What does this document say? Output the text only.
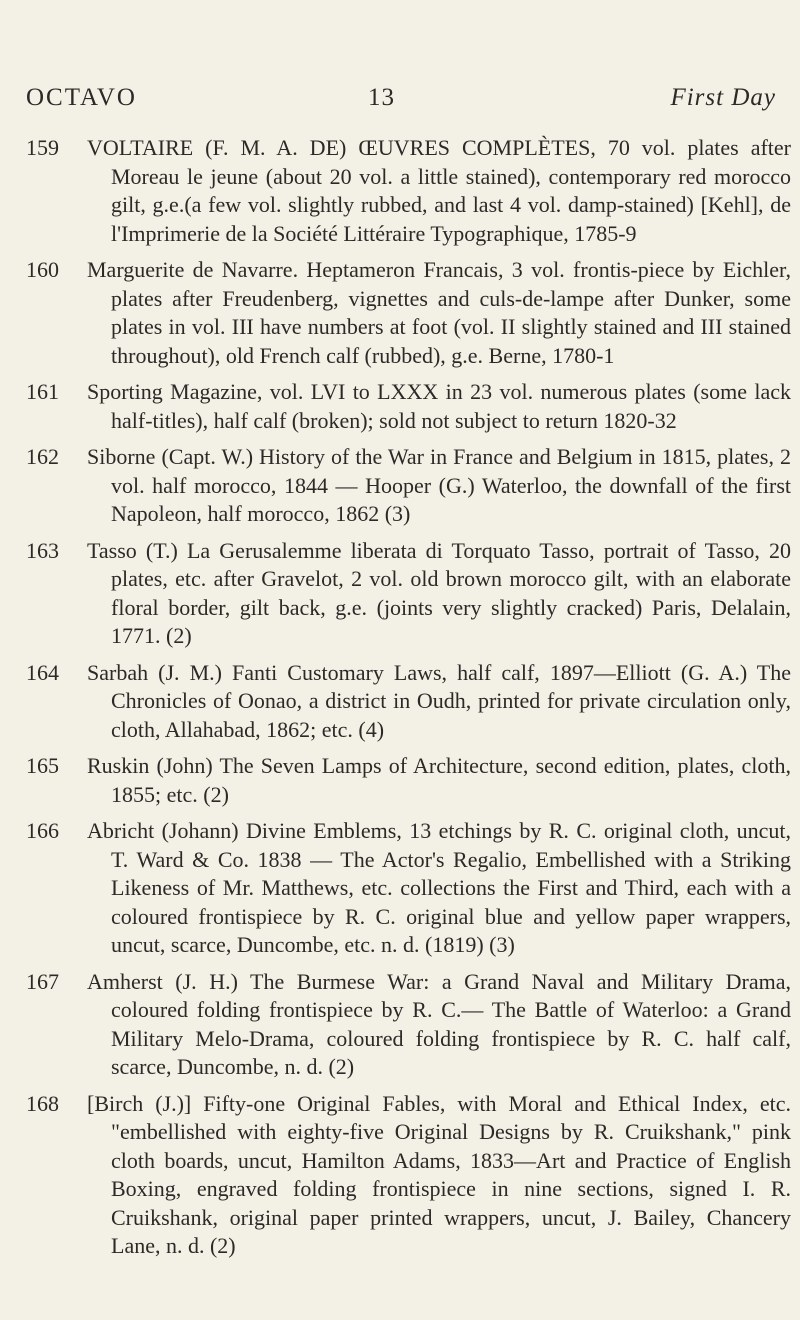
OCTAVO	13	First Day
159	VOLTAIRE (F. M. A. DE) ŒUVRES COMPLÈTES, 70 vol. plates after Moreau le jeune (about 20 vol. a little stained), contemporary red morocco gilt, g.e.(a few vol. slightly rubbed, and last 4 vol. damp-stained) [Kehl], de l'Imprimerie de la Société Littéraire Typographique, 1785-9
160	Marguerite de Navarre. Heptameron Francais, 3 vol. frontis-piece by Eichler, plates after Freudenberg, vignettes and culs-de-lampe after Dunker, some plates in vol. III have numbers at foot (vol. II slightly stained and III stained throughout), old French calf (rubbed), g.e. Berne, 1780-1
161	Sporting Magazine, vol. LVI to LXXX in 23 vol. numerous plates (some lack half-titles), half calf (broken); sold not subject to return 1820-32
162	Siborne (Capt. W.) History of the War in France and Belgium in 1815, plates, 2 vol. half morocco, 1844 — Hooper (G.) Waterloo, the downfall of the first Napoleon, half morocco, 1862 (3)
163	Tasso (T.) La Gerusalemme liberata di Torquato Tasso, portrait of Tasso, 20 plates, etc. after Gravelot, 2 vol. old brown morocco gilt, with an elaborate floral border, gilt back, g.e. (joints very slightly cracked) Paris, Delalain, 1771. (2)
164	Sarbah (J. M.) Fanti Customary Laws, half calf, 1897—Elliott (G. A.) The Chronicles of Oonao, a district in Oudh, printed for private circulation only, cloth, Allahabad, 1862; etc. (4)
165	Ruskin (John) The Seven Lamps of Architecture, second edition, plates, cloth, 1855; etc. (2)
166	Abricht (Johann) Divine Emblems, 13 etchings by R. C. original cloth, uncut, T. Ward & Co. 1838 — The Actor's Regalio, Embellished with a Striking Likeness of Mr. Matthews, etc. collections the First and Third, each with a coloured frontispiece by R. C. original blue and yellow paper wrappers, uncut, scarce, Duncombe, etc. n. d. (1819) (3)
167	Amherst (J. H.) The Burmese War: a Grand Naval and Military Drama, coloured folding frontispiece by R. C.— The Battle of Waterloo: a Grand Military Melo-Drama, coloured folding frontispiece by R. C. half calf, scarce, Duncombe, n. d. (2)
168	[Birch (J.)] Fifty-one Original Fables, with Moral and Ethical Index, etc. "embellished with eighty-five Original Designs by R. Cruikshank," pink cloth boards, uncut, Hamilton Adams, 1833—Art and Practice of English Boxing, engraved folding frontispiece in nine sections, signed I. R. Cruikshank, original paper printed wrappers, uncut, J. Bailey, Chancery Lane, n. d. (2)
